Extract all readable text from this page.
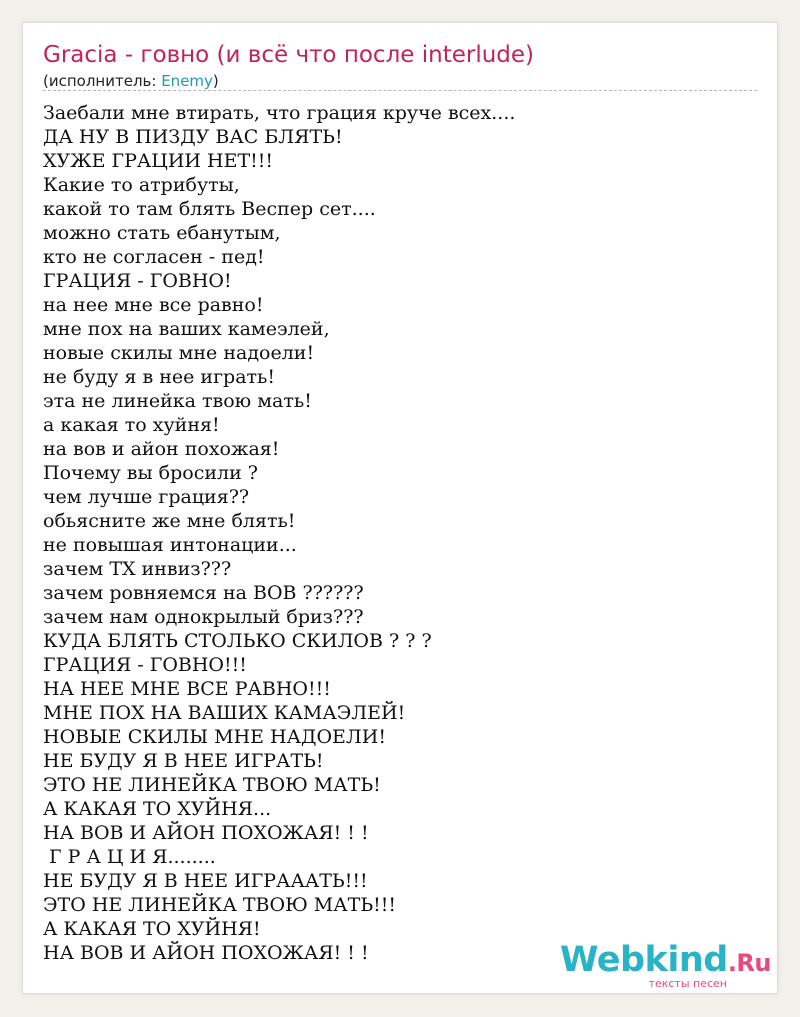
Gracia - говно (и всё что после interlude)
(исполнитель: Enemy)
Заебали мне втирать, что грация круче всех....
ДА НУ В ПИЗДУ ВАС БЛЯТЬ!
ХУЖЕ ГРАЦИИ НЕТ!!!
Какие то атрибуты,
какой то там блять Веспер сет....
можно стать ебанутым,
кто не согласен - пед!
ГРАЦИЯ - ГОВНО!
на нее мне все равно!
мне пох на ваших камеэлей,
новые скилы мне надоели!
не буду я в нее играть!
эта не линейка твою мать!
а какая то хуйня!
на вов и айон похожая!
Почему вы бросили ?
чем лучше грация??
обьясните же мне блять!
не повышая интонации...
зачем ТХ инвиз???
зачем ровняемся на ВОВ ??????
зачем нам однокрылый бриз???
КУДА БЛЯТЬ СТОЛЬКО СКИЛОВ ? ? ?
ГРАЦИЯ - ГОВНО!!!
НА НЕЕ МНЕ ВСЕ РАВНО!!!
МНЕ ПОХ НА ВАШИХ КАМАЭЛЕЙ!
НОВЫЕ СКИЛЫ МНЕ НАДОЕЛИ!
НЕ БУДУ Я В НЕЕ ИГРАТЬ!
ЭТО НЕ ЛИНЕЙКА ТВОЮ МАТЬ!
А КАКАЯ ТО ХУЙНЯ...
НА ВОВ И АЙОН ПОХОЖАЯ! ! !
Г Р А Ц И Я........
НЕ БУДУ Я В НЕЕ ИГРАААТЬ!!!
ЭТО НЕ ЛИНЕЙКА ТВОЮ МАТЬ!!!
А КАКАЯ ТО ХУЙНЯ!
НА ВОВ И АЙОН ПОХОЖАЯ! ! !	Webkind.Ru
тексты песен
